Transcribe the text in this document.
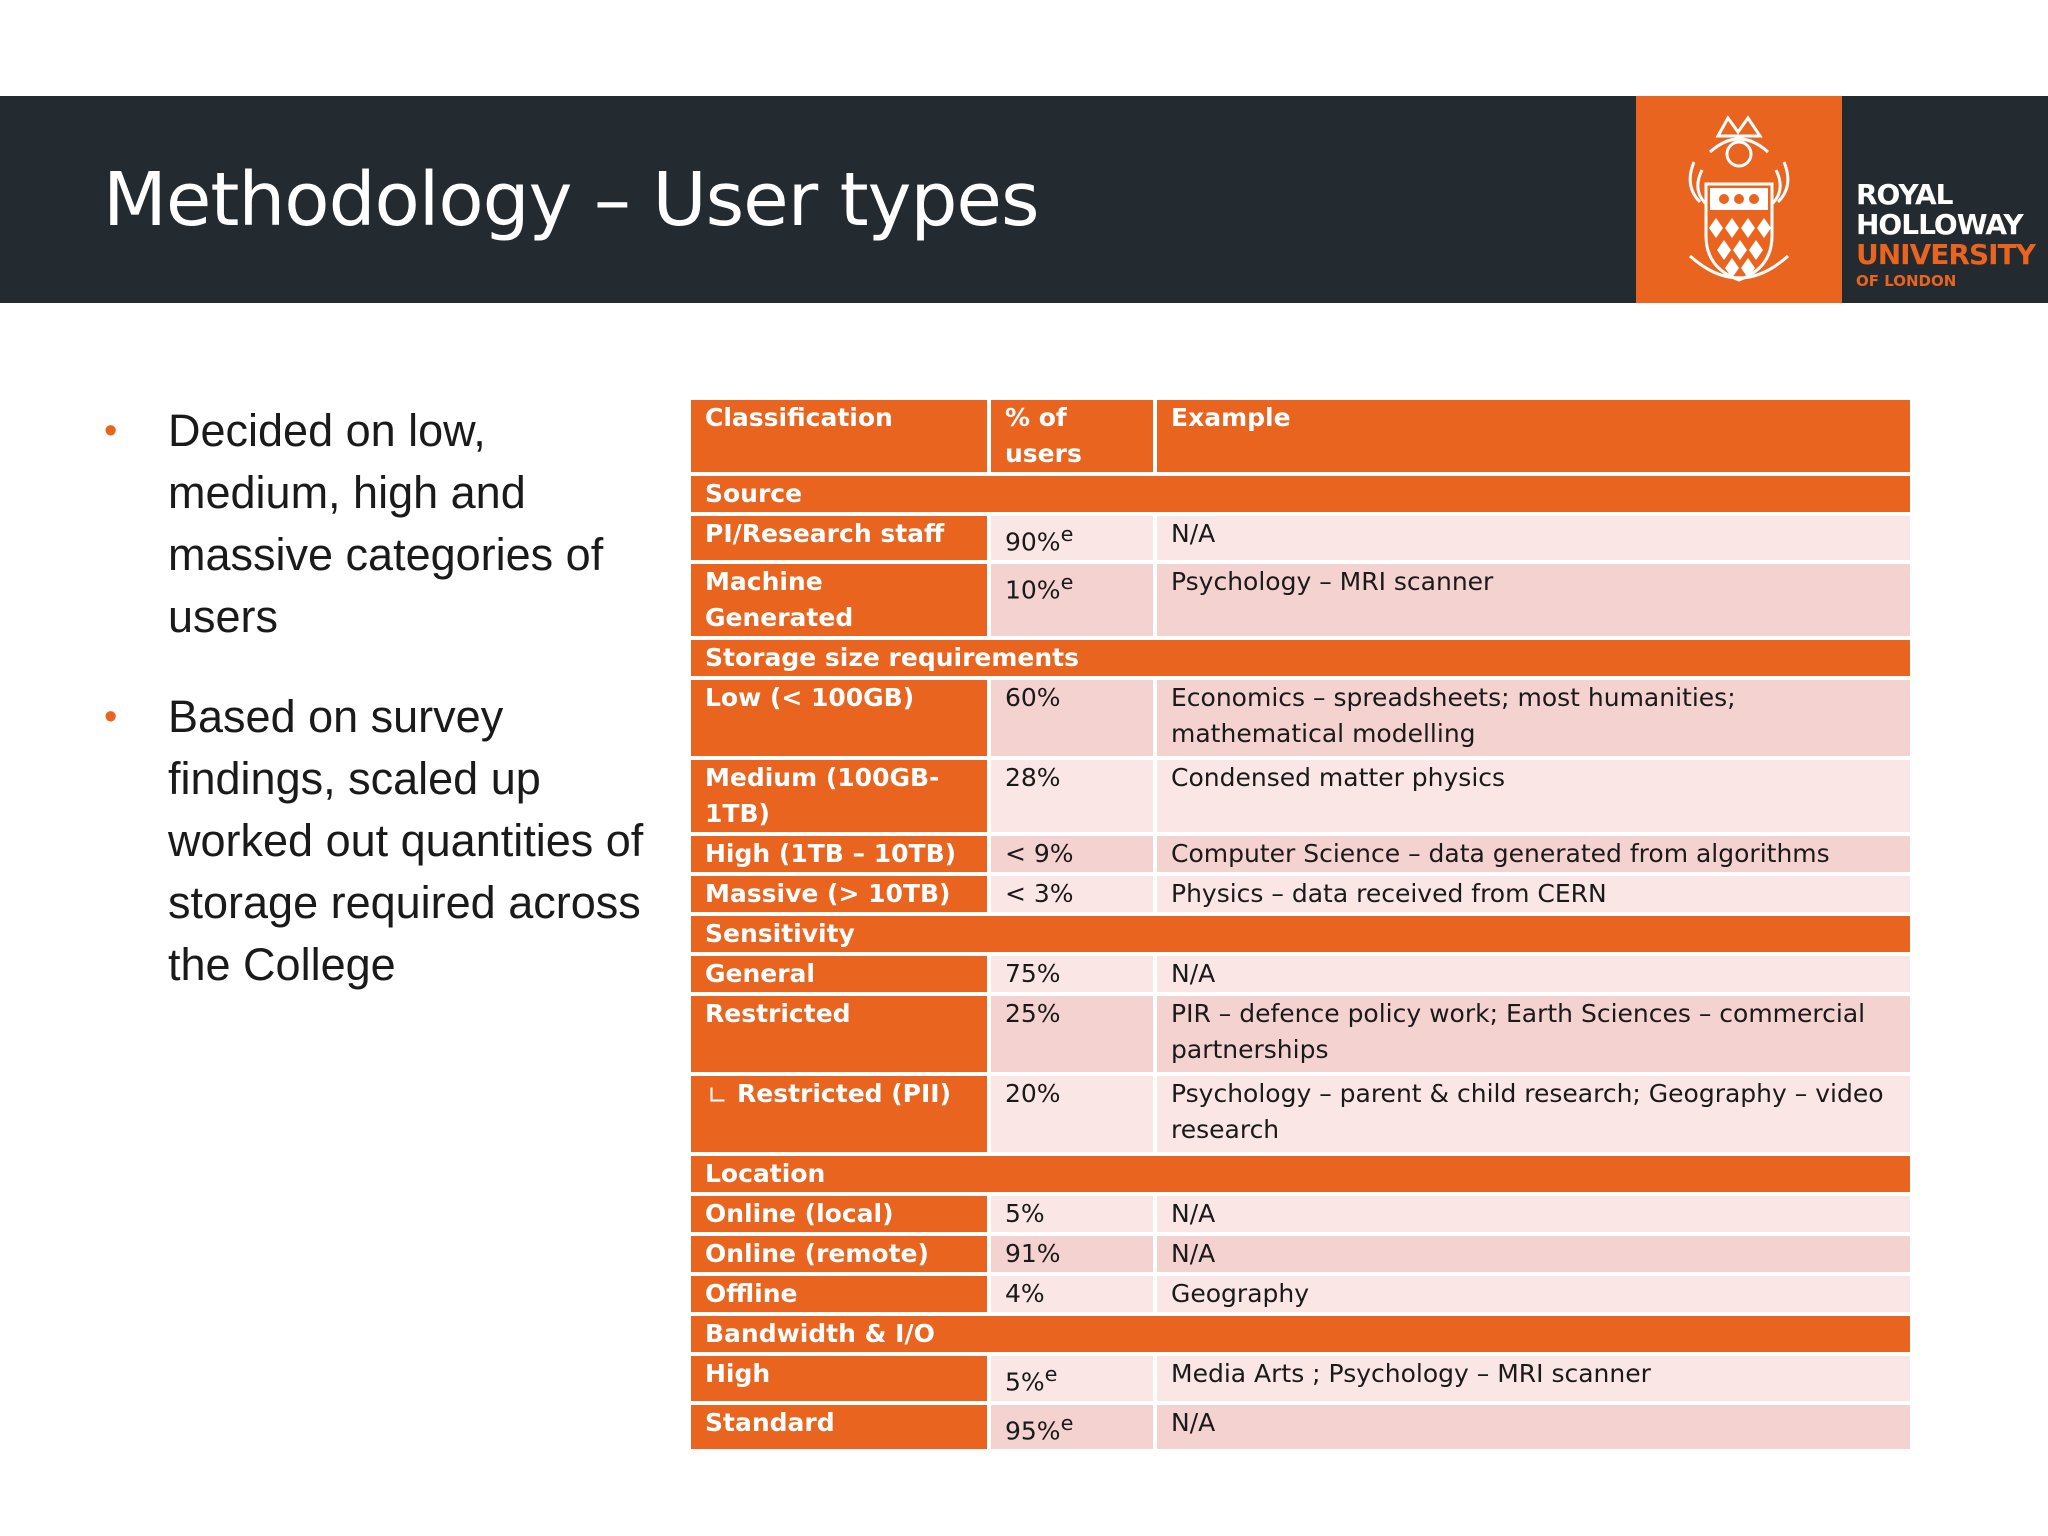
Methodology – User types	ROYAL
HOLLOWAY
UNIVERSITY
OF LONDON
• Decided on low, medium, high and massive categories of users
• Based on survey findings, scaled up worked out quantities of storage required across the College
Classification	% of users	Example
Source		
PI/Research staff	90%$^e$	N/A
Machine Generated	10%$^e$	Psychology – MRI scanner
Storage size requirements		
Low (< 100GB)	60%	Economics – spreadsheets; most humanities; mathematical modelling
Medium (100GB-1TB)	28%	Condensed matter physics
High (1TB – 10TB)	< 9%	Computer Science – data generated from algorithms
Massive (> 10TB)	< 3%	Physics – data received from CERN
Sensitivity		
General	75%	N/A
Restricted	25%	PIR – defence policy work; Earth Sciences – commercial partnerships

∟ Restricted (PII)	20%	Psychology – parent & child research; Geography – video research
Location		
Online (local)	5%	N/A
Online (remote)	91%	N/A
Offline	4%	Geography
Bandwidth & I/O		
High	5%$^e$	Media Arts ; Psychology – MRI scanner
Standard	95%$^e$	N/A
